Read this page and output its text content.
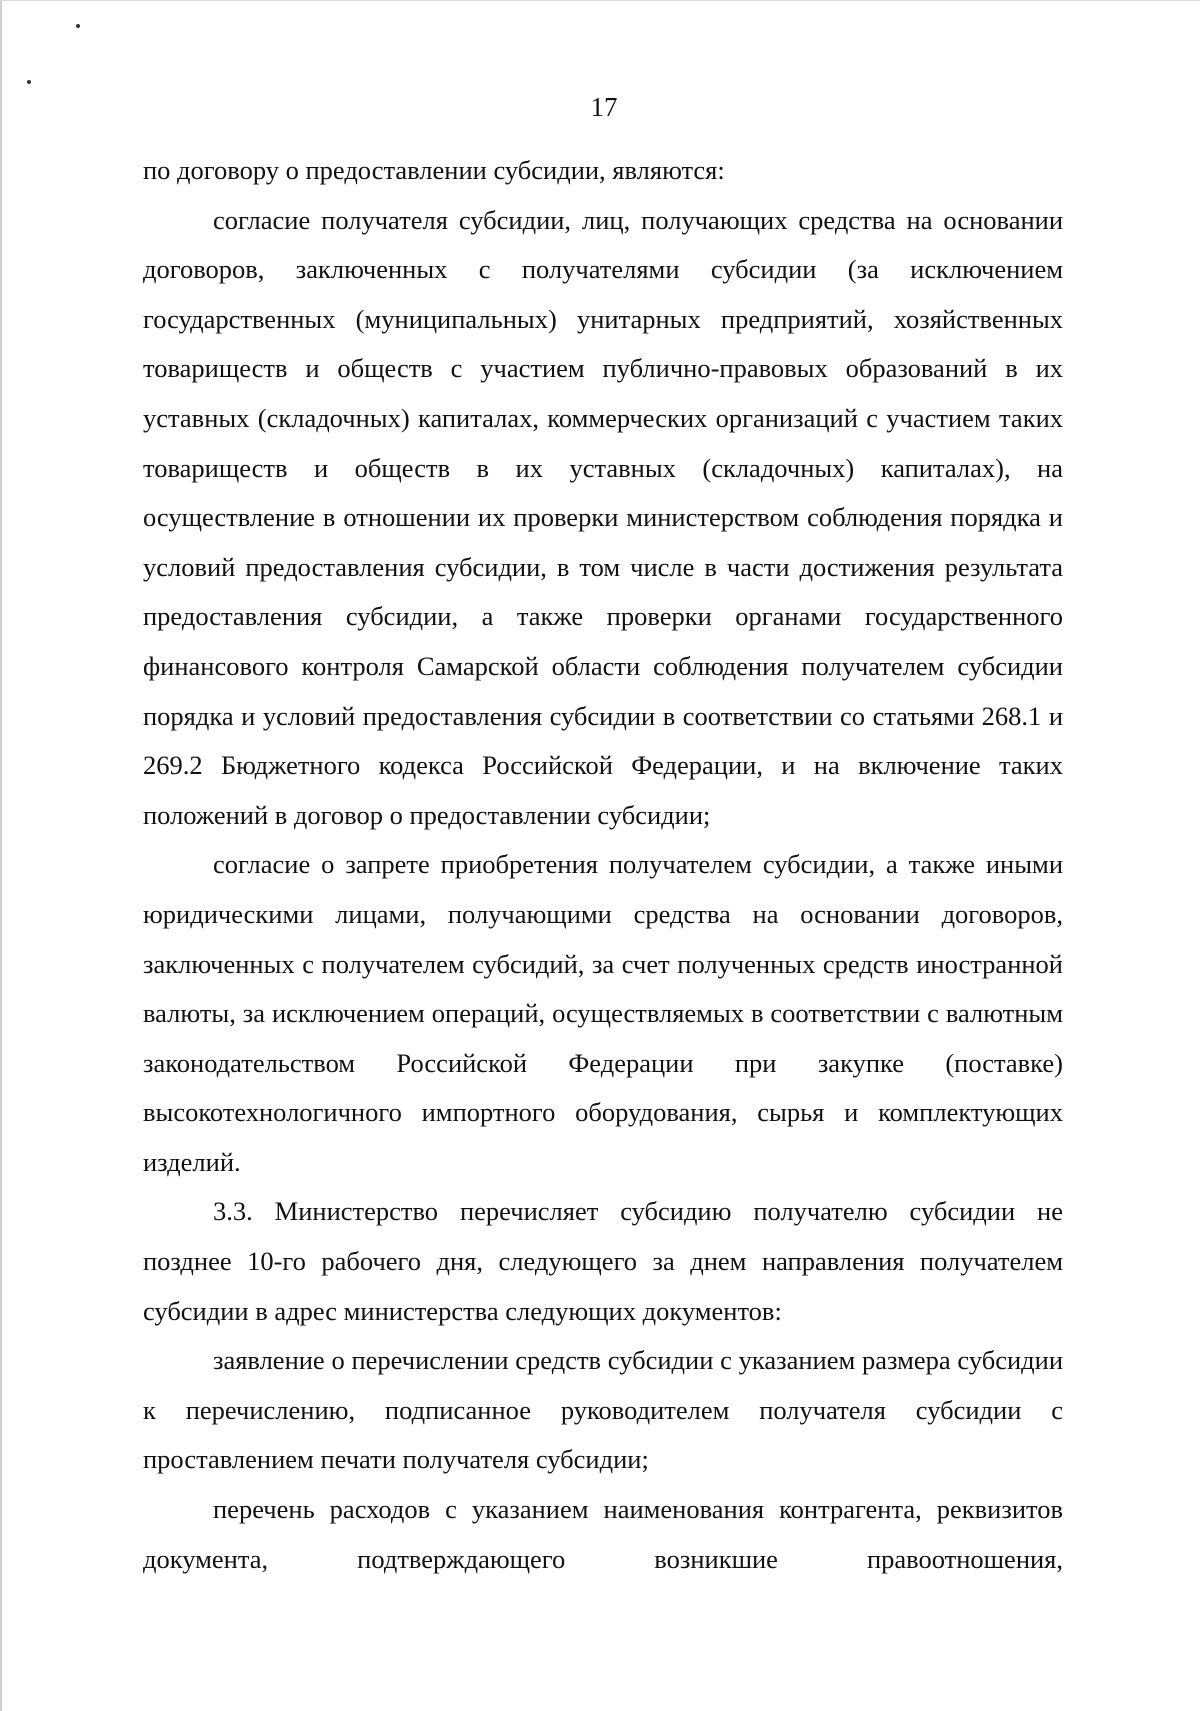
17

по договору о предоставлении субсидии, являются:

согласие получателя субсидии, лиц, получающих средства на основании договоров, заключенных с получателями субсидии (за исключением государственных (муниципальных) унитарных предприятий, хозяйственных товариществ и обществ с участием публично-правовых образований в их уставных (складочных) капиталах, коммерческих организаций с участием таких товариществ и обществ в их уставных (складочных) капиталах), на осуществление в отношении их проверки министерством соблюдения порядка и условий предоставления субсидии, в том числе в части достижения результата предоставления субсидии, а также проверки органами государственного финансового контроля Самарской области соблюдения получателем субсидии порядка и условий предоставления субсидии в соответствии со статьями 268.1 и 269.2 Бюджетного кодекса Российской Федерации, и на включение таких положений в договор о предоставлении субсидии;

согласие о запрете приобретения получателем субсидии, а также иными юридическими лицами, получающими средства на основании договоров, заключенных с получателем субсидий, за счет полученных средств иностранной валюты, за исключением операций, осуществляемых в соответствии с валютным законодательством Российской Федерации при закупке (поставке) высокотехнологичного импортного оборудования, сырья и комплектующих изделий.

3.3. Министерство перечисляет субсидию получателю субсидии не позднее 10-го рабочего дня, следующего за днем направления получателем субсидии в адрес министерства следующих документов:

заявление о перечислении средств субсидии с указанием размера субсидии к перечислению, подписанное руководителем получателя субсидии с проставлением печати получателя субсидии;

перечень расходов с указанием наименования контрагента, реквизитов документа, подтверждающего возникшие правоотношения,
